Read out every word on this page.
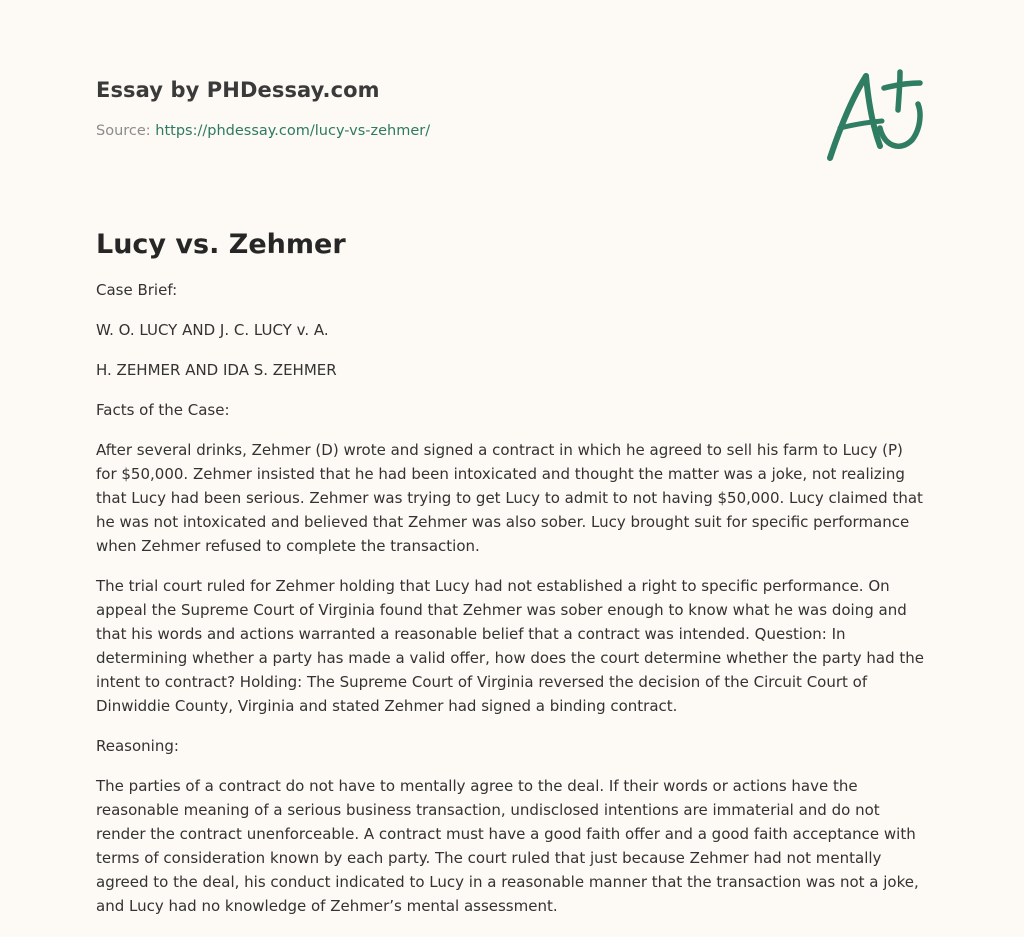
Essay by PHDessay.com
Source: https://phdessay.com/lucy-vs-zehmer/
Lucy vs. Zehmer

Case Brief:

W. O. LUCY AND J. C. LUCY v. A.

H. ZEHMER AND IDA S. ZEHMER

Facts of the Case:

After several drinks, Zehmer (D) wrote and signed a contract in which he agreed to sell his farm to Lucy (P) for $50,000. Zehmer insisted that he had been intoxicated and thought the matter was a joke, not realizing that Lucy had been serious. Zehmer was trying to get Lucy to admit to not having $50,000. Lucy claimed that he was not intoxicated and believed that Zehmer was also sober. Lucy brought suit for specific performance when Zehmer refused to complete the transaction.

The trial court ruled for Zehmer holding that Lucy had not established a right to specific performance. On appeal the Supreme Court of Virginia found that Zehmer was sober enough to know what he was doing and that his words and actions warranted a reasonable belief that a contract was intended. Question: In determining whether a party has made a valid offer, how does the court determine whether the party had the intent to contract? Holding: The Supreme Court of Virginia reversed the decision of the Circuit Court of Dinwiddie County, Virginia and stated Zehmer had signed a binding contract.

Reasoning:

The parties of a contract do not have to mentally agree to the deal. If their words or actions have the reasonable meaning of a serious business transaction, undisclosed intentions are immaterial and do not render the contract unenforceable. A contract must have a good faith offer and a good faith acceptance with terms of consideration known by each party. The court ruled that just because Zehmer had not mentally agreed to the deal, his conduct indicated to Lucy in a reasonable manner that the transaction was not a joke, and Lucy had no knowledge of Zehmer’s mental assessment.
